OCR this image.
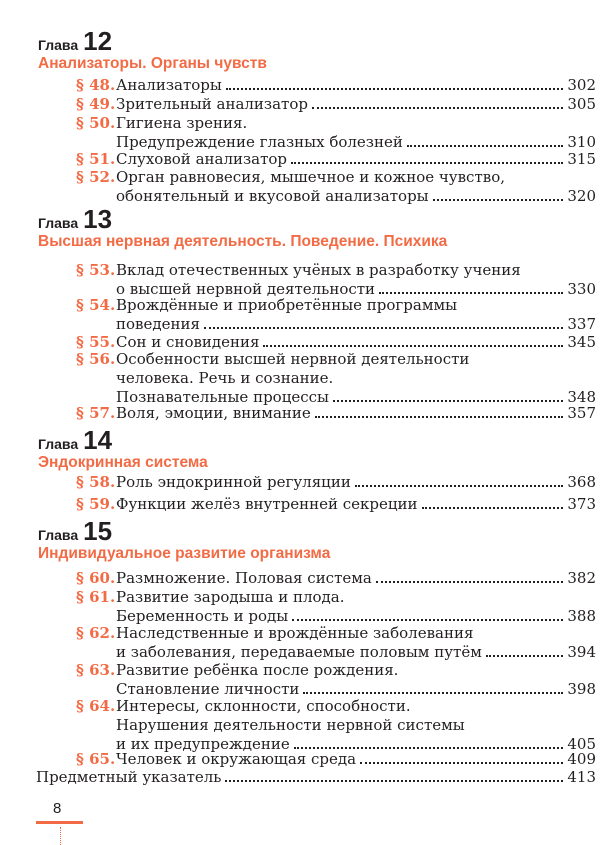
Глава 12
Анализаторы. Органы чувств
§ 48. Анализаторы	302
§ 49. Зрительный анализатор	305
§ 50. Гигиена зрения.
Предупреждение глазных болезней	310
§ 51. Слуховой анализатор	315
§ 52. Орган равновесия, мышечное и кожное чувство,
обонятельный и вкусовой анализаторы	320
Глава 13
Высшая нервная деятельность. Поведение. Психика
§ 53. Вклад отечественных учёных в разработку учения
о высшей нервной деятельности	330
§ 54. Врождённые и приобретённые программы
поведения	337
§ 55. Сон и сновидения	345
§ 56. Особенности высшей нервной деятельности
человека. Речь и сознание.
Познавательные процессы	348
§ 57. Воля, эмоции, внимание	357
Глава 14
Эндокринная система
§ 58. Роль эндокринной регуляции	368
§ 59. Функции желёз внутренней секреции	373
Глава 15
Индивидуальное развитие организма
§ 60. Размножение. Половая система	382
§ 61. Развитие зародыша и плода.
Беременность и роды	388
§ 62. Наследственные и врождённые заболевания
и заболевания, передаваемые половым путём	394
§ 63. Развитие ребёнка после рождения.
Становление личности	398
§ 64. Интересы, склонности, способности.
Нарушения деятельности нервной системы
и их предупреждение	405
§ 65. Человек и окружающая среда	409
Предметный указатель	413
8
